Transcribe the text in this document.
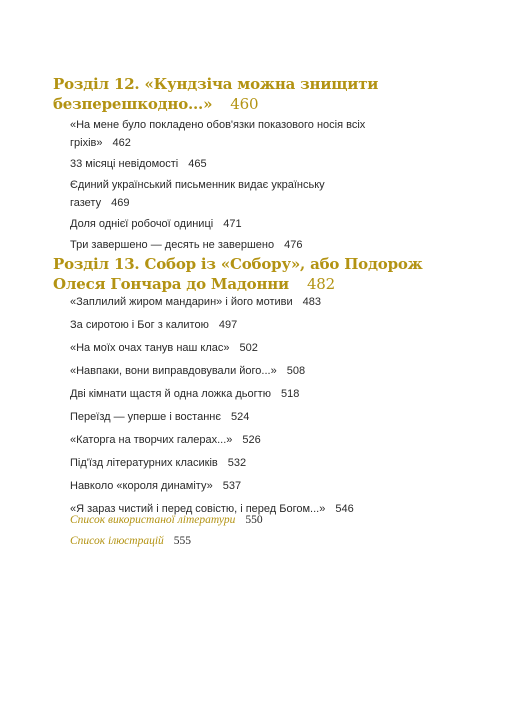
Розділ 12. «Кундзіча можна знищити
безперешкодно...» 460
«На мене було покладено обов'язки показового носія всіх гріхів» 462
33 місяці невідомості 465
Єдиний український письменник видає українську газету 469
Доля однієї робочої одиниці 471
Три завершено — десять не завершено 476
Розділ 13. Собор із «Собору», або Подорож
Олеся Гончара до Мадонни 482
«Заплилий жиром мандарин» і його мотиви 483
За сиротою і Бог з калитою 497
«На моїх очах танув наш клас» 502
«Навпаки, вони виправдовували його...» 508
Дві кімнати щастя й одна ложка дьогтю 518
Переїзд — уперше і востаннє 524
«Каторга на творчих галерах...» 526
Під'їзд літературних класиків 532
Навколо «короля динаміту» 537
«Я зараз чистий і перед совістю, і перед Богом...» 546
Список використаної літератури 550
Список ілюстрацій 555
